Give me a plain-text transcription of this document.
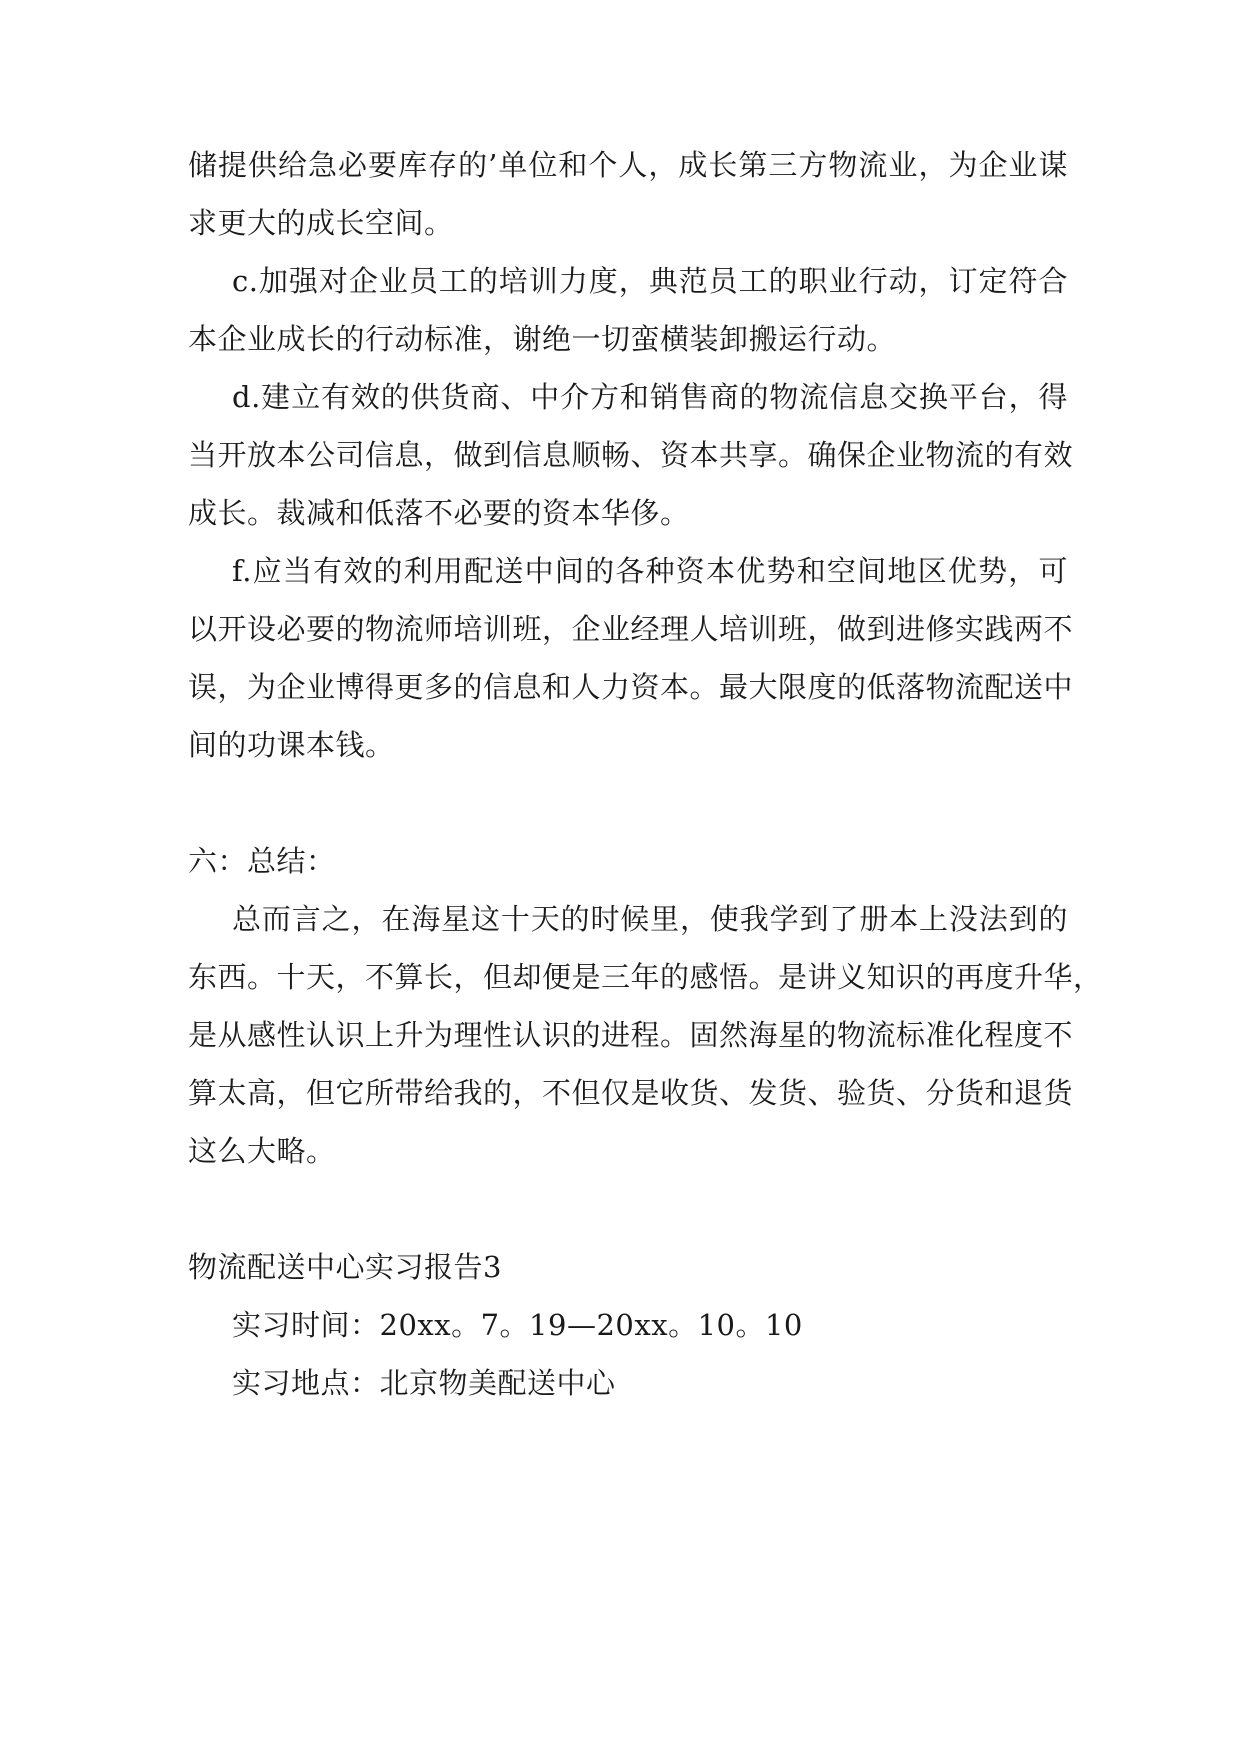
储提供给急必要库存的’单位和个人，成长第三方物流业，为企业谋
求更大的成长空间。
c.加强对企业员工的培训力度，典范员工的职业行动，订定符合
本企业成长的行动标准，谢绝一切蛮横装卸搬运行动。
d.建立有效的供货商、中介方和销售商的物流信息交换平台，得
当开放本公司信息，做到信息顺畅、资本共享。确保企业物流的有效
成长。裁减和低落不必要的资本华侈。
f.应当有效的利用配送中间的各种资本优势和空间地区优势，可
以开设必要的物流师培训班，企业经理人培训班，做到进修实践两不
误，为企业博得更多的信息和人力资本。最大限度的低落物流配送中
间的功课本钱。
六：总结：
总而言之，在海星这十天的时候里，使我学到了册本上没法到的
东西。十天，不算长，但却便是三年的感悟。是讲义知识的再度升华，
是从感性认识上升为理性认识的进程。固然海星的物流标准化程度不
算太高，但它所带给我的，不但仅是收货、发货、验货、分货和退货
这么大略。
物流配送中心实习报告3
实习时间：20xx。7。19—20xx。10。10
实习地点：北京物美配送中心
